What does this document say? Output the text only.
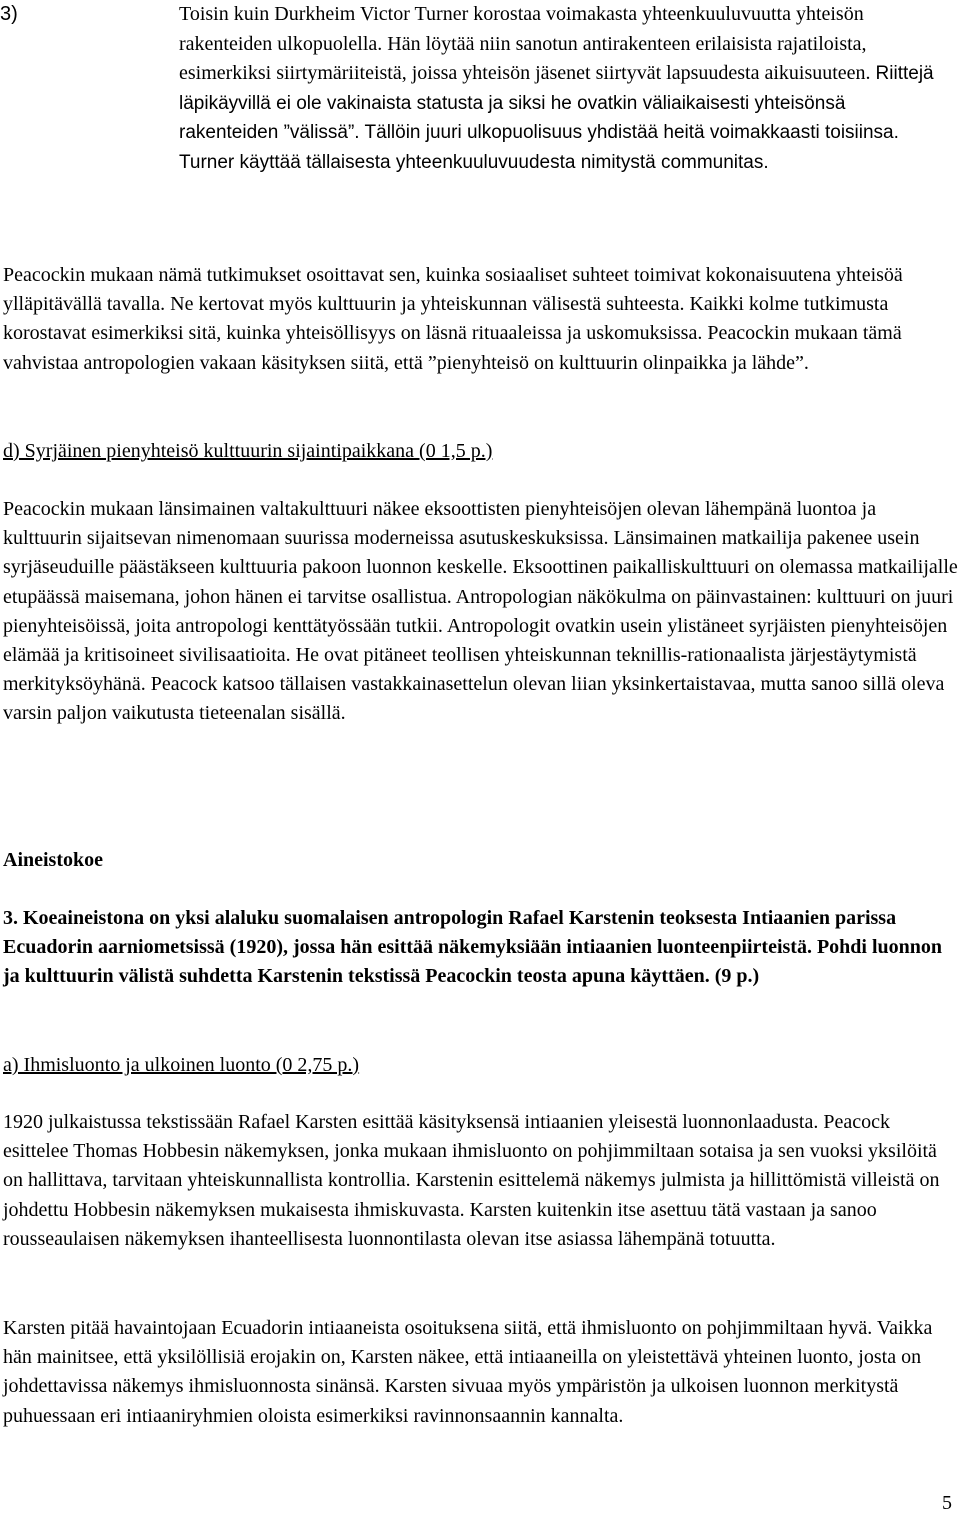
3)	Toisin kuin Durkheim Victor Turner korostaa voimakasta yhteenkuuluvuutta yhteisön rakenteiden ulkopuolella. Hän löytää niin sanotun antirakenteen erilaisista rajatiloista, esimerkiksi siirtymäriiteistä, joissa yhteisön jäsenet siirtyvät lapsuudesta aikuisuuteen. Riittejä läpikäyvillä ei ole vakinaista statusta ja siksi he ovatkin väliaikaisesti yhteisönsä rakenteiden ”välissä”. Tällöin juuri ulkopuolisuus yhdistää heitä voimakkaasti toisiinsa. Turner käyttää tällaisesta yhteenkuuluvuudesta nimitystä communitas.

Peacockin mukaan nämä tutkimukset osoittavat sen, kuinka sosiaaliset suhteet toimivat kokonaisuutena yhteisöä ylläpitävällä tavalla. Ne kertovat myös kulttuurin ja yhteiskunnan välisestä suhteesta. Kaikki kolme tutkimusta korostavat esimerkiksi sitä, kuinka yhteisöllisyys on läsnä rituaaleissa ja uskomuksissa. Peacockin mukaan tämä vahvistaa antropologien vakaan käsityksen siitä, että ”pienyhteisö on kulttuurin olinpaikka ja lähde”.

d) Syrjäinen pienyhteisö kulttuurin sijaintipaikkana (0 1,5 p.)

Peacockin mukaan länsimainen valtakulttuuri näkee eksoottisten pienyhteisöjen olevan lähempänä luontoa ja kulttuurin sijaitsevan nimenomaan suurissa moderneissa asutuskeskuksissa. Länsimainen matkailija pakenee usein syrjäseuduille päästäkseen kulttuuria pakoon luonnon keskelle. Eksoottinen paikalliskulttuuri on olemassa matkailijalle etupäässä maisemana, johon hänen ei tarvitse osallistua. Antropologian näkökulma on päinvastainen: kulttuuri on juuri pienyhteisöissä, joita antropologi kenttätyössään tutkii. Antropologit ovatkin usein ylistäneet syrjäisten pienyhteisöjen elämää ja kritisoineet sivilisaatioita. He ovat pitäneet teollisen yhteiskunnan teknillis-rationaalista järjestäytymistä merkityksöyhänä. Peacock katsoo tällaisen vastakkainasettelun olevan liian yksinkertaistavaa, mutta sanoo sillä oleva varsin paljon vaikutusta tieteenalan sisällä.

Aineistokoe

3. Koeaineistona on yksi alaluku suomalaisen antropologin Rafael Karstenin teoksesta Intiaanien parissa Ecuadorin aarniometsissä (1920), jossa hän esittää näkemyksiään intiaanien luonteenpiirteistä. Pohdi luonnon ja kulttuurin välistä suhdetta Karstenin tekstissä Peacockin teosta apuna käyttäen. (9 p.)

a) Ihmisluonto ja ulkoinen luonto (0 2,75 p.)

1920 julkaistussa tekstissään Rafael Karsten esittää käsityksensä intiaanien yleisestä luonnonlaadusta. Peacock esittelee Thomas Hobbesin näkemyksen, jonka mukaan ihmisluonto on pohjimmiltaan sotaisa ja sen vuoksi yksilöitä on hallittava, tarvitaan yhteiskunnallista kontrollia. Karstenin esittelemä näkemys julmista ja hillittömistä villeistä on johdettu Hobbesin näkemyksen mukaisesta ihmiskuvasta. Karsten kuitenkin itse asettuu tätä vastaan ja sanoo rousseaulaisen näkemyksen ihanteellisesta luonnontilasta olevan itse asiassa lähempänä totuutta.

Karsten pitää havaintojaan Ecuadorin intiaaneista osoituksena siitä, että ihmisluonto on pohjimmiltaan hyvä. Vaikka hän mainitsee, että yksilöllisiä erojakin on, Karsten näkee, että intiaaneilla on yleistettävä yhteinen luonto, josta on johdettavissa näkemys ihmisluonnosta sinänsä. Karsten sivuaa myös ympäristön ja ulkoisen luonnon merkitystä puhuessaan eri intiaaniryhmien oloista esimerkiksi ravinnonsaannin kannalta.

5
